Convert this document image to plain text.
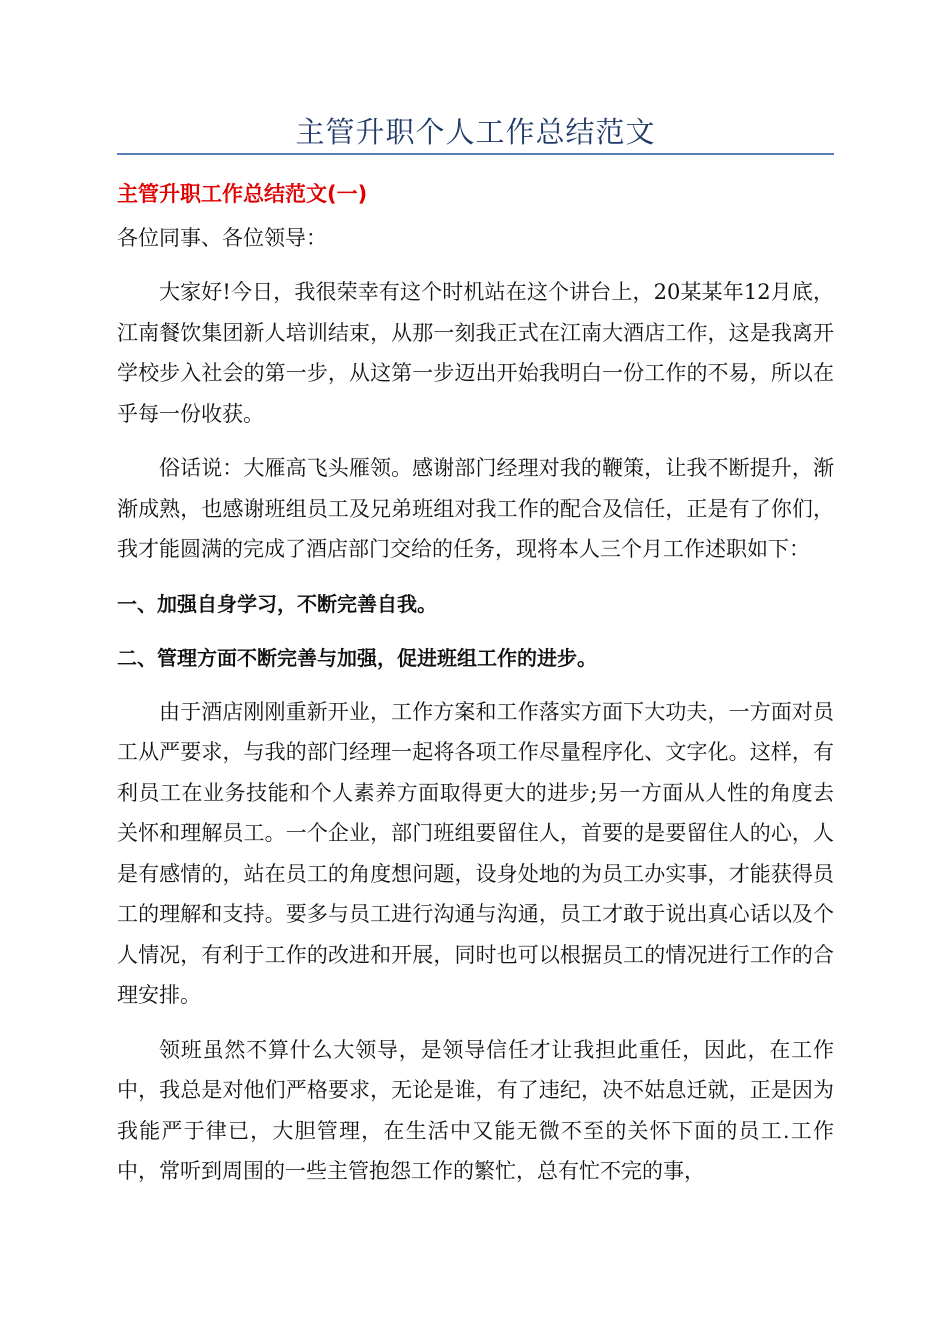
主管升职个人工作总结范文
主管升职工作总结范文(一)
各位同事、各位领导：

大家好!今日，我很荣幸有这个时机站在这个讲台上，20某某年12月底，江南餐饮集团新人培训结束，从那一刻我正式在江南大酒店工作，这是我离开学校步入社会的第一步，从这第一步迈出开始我明白一份工作的不易，所以在乎每一份收获。

俗话说：大雁高飞头雁领。感谢部门经理对我的鞭策，让我不断提升，渐渐成熟，也感谢班组员工及兄弟班组对我工作的配合及信任，正是有了你们，我才能圆满的完成了酒店部门交给的任务，现将本人三个月工作述职如下：

一、加强自身学习，不断完善自我。
二、管理方面不断完善与加强，促进班组工作的进步。

由于酒店刚刚重新开业，工作方案和工作落实方面下大功夫，一方面对员工从严要求，与我的部门经理一起将各项工作尽量程序化、文字化。这样，有利员工在业务技能和个人素养方面取得更大的进步;另一方面从人性的角度去关怀和理解员工。一个企业，部门班组要留住人，首要的是要留住人的心，人是有感情的，站在员工的角度想问题，设身处地的为员工办实事，才能获得员工的理解和支持。要多与员工进行沟通与沟通，员工才敢于说出真心话以及个人情况，有利于工作的改进和开展，同时也可以根据员工的情况进行工作的合理安排。

领班虽然不算什么大领导，是领导信任才让我担此重任，因此，在工作中，我总是对他们严格要求，无论是谁，有了违纪，决不姑息迁就，正是因为我能严于律已，大胆管理，在生活中又能无微不至的关怀下面的员工.工作中，常听到周围的一些主管抱怨工作的繁忙，总有忙不完的事，
